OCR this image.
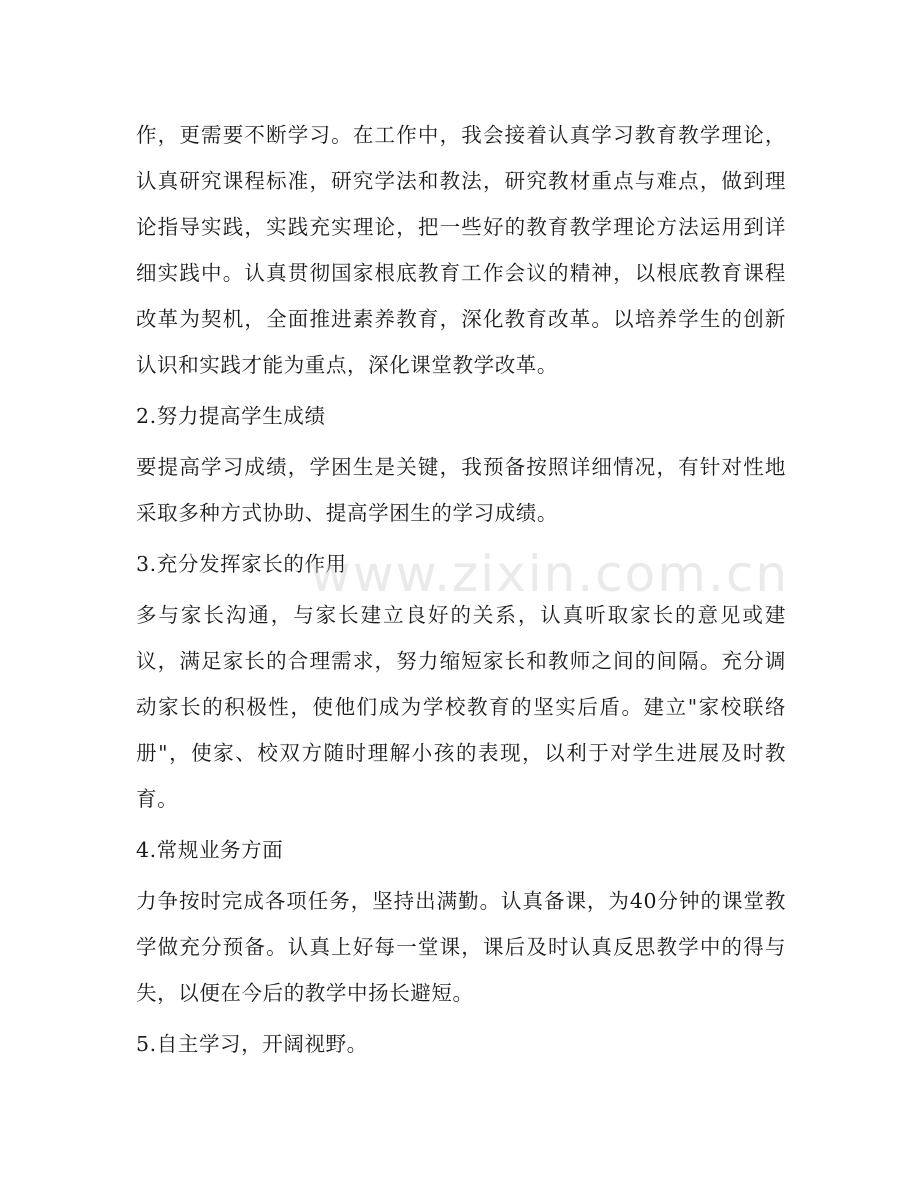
作，更需要不断学习。在工作中，我会接着认真学习教育教学理论，认真研究课程标准，研究学法和教法，研究教材重点与难点，做到理论指导实践，实践充实理论，把一些好的教育教学理论方法运用到详细实践中。认真贯彻国家根底教育工作会议的精神，以根底教育课程改革为契机，全面推进素养教育，深化教育改革。以培养学生的创新认识和实践才能为重点，深化课堂教学改革。

2.努力提高学生成绩

要提高学习成绩，学困生是关键，我预备按照详细情况，有针对性地采取多种方式协助、提高学困生的学习成绩。

3.充分发挥家长的作用

多与家长沟通，与家长建立良好的关系，认真听取家长的意见或建议，满足家长的合理需求，努力缩短家长和教师之间的间隔。充分调动家长的积极性，使他们成为学校教育的坚实后盾。建立"家校联络册"，使家、校双方随时理解小孩的表现，以利于对学生进展及时教育。

4.常规业务方面

力争按时完成各项任务，坚持出满勤。认真备课，为40分钟的课堂教学做充分预备。认真上好每一堂课，课后及时认真反思教学中的得与失，以便在今后的教学中扬长避短。

5.自主学习，开阔视野。

www.zixin.com.cn
